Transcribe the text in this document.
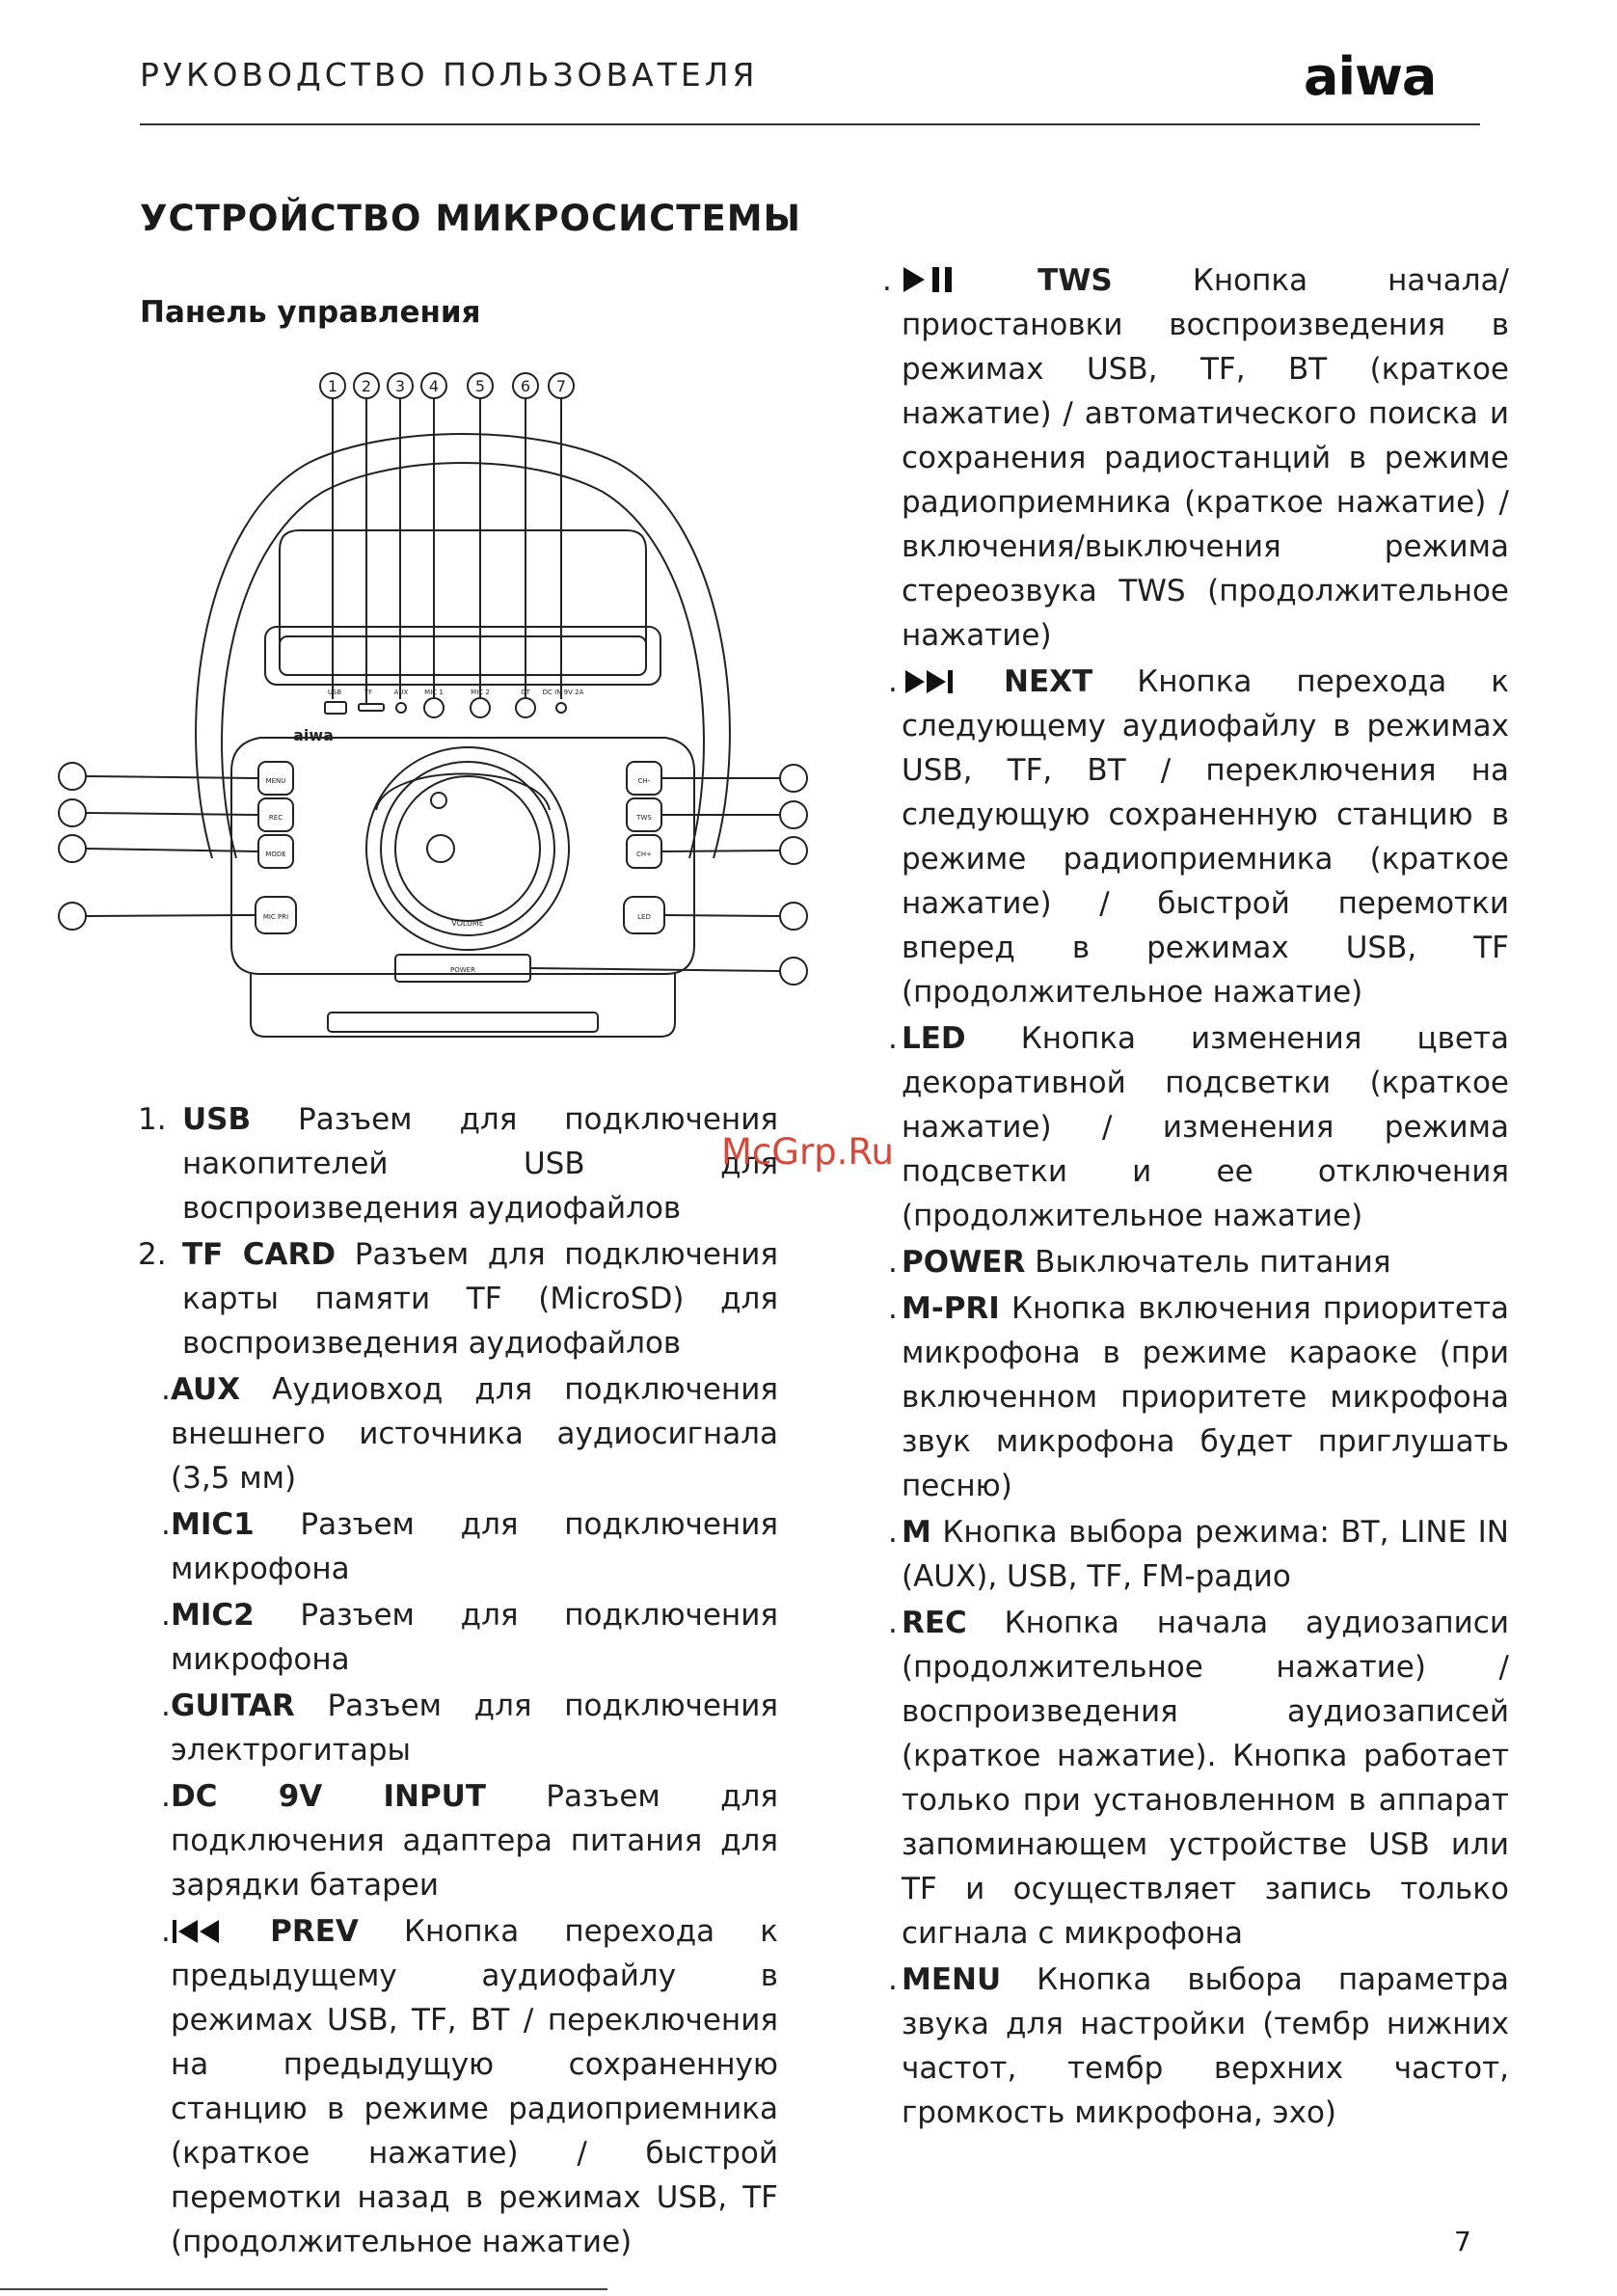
РУКОВОДСТВО ПОЛЬЗОВАТЕЛЯ	aiwa
УСТРОЙСТВО МИКРОСИСТЕМЫ
Панель управления
1 2 3 4 5 6 7
USB	TF	AUX MIC 1	MIC 2	GT DC IN 9V 2A
aiwa
VOLUME
MENU
REC
MODE
MIC PRI
CH-
TWS
CH+
LED
POWER
1. USB Разъем для подключения накопителей USB для воспроизведения аудиофайлов
2. TF CARD Разъем для подключения карты памяти TF (MicroSD) для воспроизведения аудиофайлов
. AUX Аудиовход для подключения внешнего источника аудиосигнала (3,5 мм)
. MIC1 Разъем для подключения микрофона
. MIC2 Разъем для подключения микрофона
. GUITAR Разъем для подключения электрогитары
. DC 9V INPUT Разъем для подключения адаптера питания для зарядки батареи
.	PREV Кнопка перехода к предыдущему аудиофайлу в режимах USB, TF, BT / переключения на предыдущую сохраненную станцию в режиме радиоприемника (краткое нажатие) / быстрой перемотки назад в режимах USB, TF (продолжительное нажатие)
.	TWS Кнопка начала/приостановки воспроизведения в режимах USB, TF, BT (краткое нажатие) / автоматического поиска и сохранения радиостанций в режиме радиоприемника (краткое нажатие) / включения/выключения режима стереозвука TWS (продолжительное нажатие)
.	NEXT Кнопка перехода к следующему аудиофайлу в режимах USB, TF, BT / переключения на следующую сохраненную станцию в режиме радиоприемника (краткое нажатие) / быстрой перемотки вперед в режимах USB, TF (продолжительное нажатие)
. LED Кнопка изменения цвета декоративной подсветки (краткое нажатие) / изменения режима подсветки и ее отключения (продолжительное нажатие)
. POWER Выключатель питания
. M-PRI Кнопка включения приоритета микрофона в режиме караоке (при включенном приоритете микрофона звук микрофона будет приглушать песню)
. M Кнопка выбора режима: BT, LINE IN (AUX), USB, TF, FM-радио
. REC Кнопка начала аудиозаписи (продолжительное нажатие) / воспроизведения аудиозаписей (краткое нажатие). Кнопка работает только при установленном в аппарат запоминающем устройстве USB или TF и осуществляет запись только сигнала с микрофона
. MENU Кнопка выбора параметра звука для настройки (тембр нижних частот, тембр верхних частот, громкость микрофона, эхо)
McGrp.Ru
7
